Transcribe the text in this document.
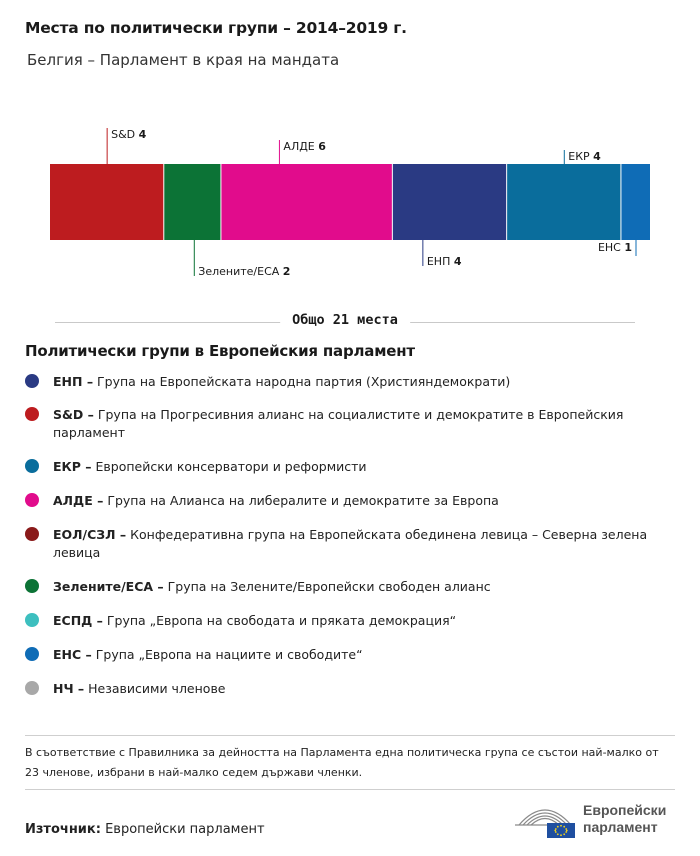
Места по политически групи – 2014–2019 г.
Белгия – Парламент в края на мандата
S&D 4
Зелените/ЕСА 2
АЛДЕ 6
ЕНП 4
ЕКР 4
ЕНС 1
Общо 21 места
Политически групи в Европейския парламент
ЕНП – Група на Европейската народна партия (Християндемократи)
S&D – Група на Прогресивния алианс на социалистите и демократите в Европейския парламент
ЕКР – Европейски консерватори и реформисти
АЛДЕ – Група на Алианса на либералите и демократите за Европа
ЕОЛ/СЗЛ – Конфедеративна група на Европейската обединена левица – Северна зелена левица
Зелените/ЕСА – Група на Зелените/Европейски свободен алианс
ЕСПД – Група „Европа на свободата и пряката демокрация“
ЕНС – Група „Европа на нациите и свободите“
НЧ – Независими членове
В съответствие с Правилника за дейността на Парламента една политическа група се състои най-малко от 23 членове, избрани в най-малко седем държави членки.
Източник: Европейски парламент
Европейски
парламент
